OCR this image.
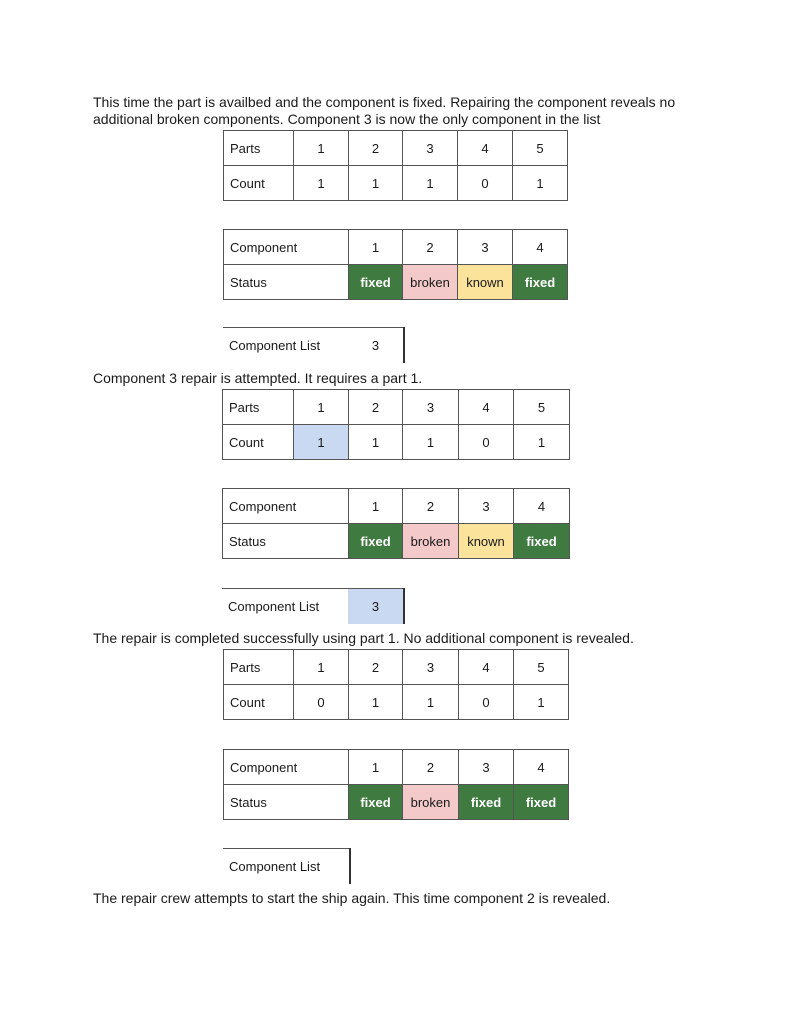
This time the part is availbed and the component is fixed. Repairing the component reveals no additional broken components. Component 3 is now the only component in the list

Parts	1	2	3	4	5
Count	1	1	1	0	1
Component	1	2	3	4
Status	fixed	broken	known	fixed
Component List	3

Component 3 repair is attempted. It requires a part 1.

Parts	1	2	3	4	5
Count	1	1	1	0	1
Component	1	2	3	4
Status	fixed	broken	known	fixed
Component List	3

The repair is completed successfully using part 1. No additional component is revealed.

Parts	1	2	3	4	5
Count	0	1	1	0	1
Component	1	2	3	4
Status	fixed	broken	fixed	fixed
Component List

The repair crew attempts to start the ship again. This time component 2 is revealed.
